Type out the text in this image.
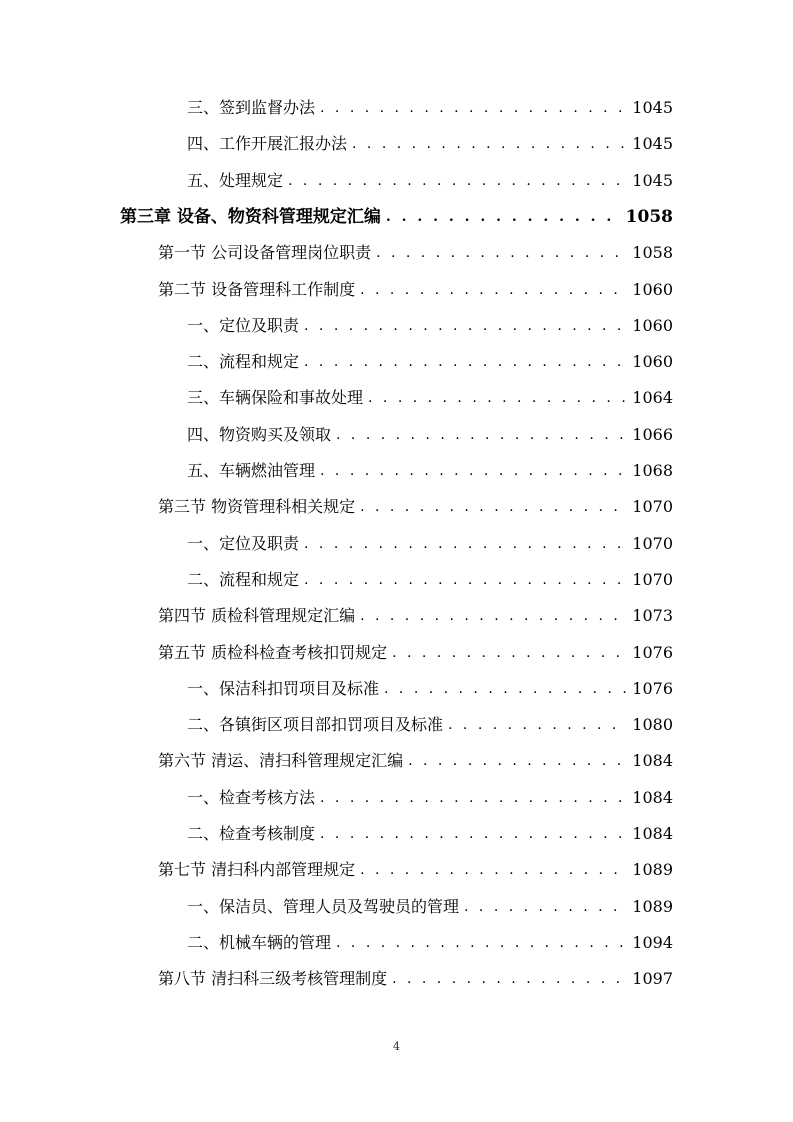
三、签到监督办法 . . .	1045
四、工作开展汇报办法 . . .	1045
五、处理规定 . . .	1045
第三章 设备、物资科管理规定汇编 . . .	1058
第一节 公司设备管理岗位职责 . . .	1058
第二节 设备管理科工作制度 . . .	1060
一、定位及职责 . . .	1060
二、流程和规定 . . .	1060
三、车辆保险和事故处理 . . .	1064
四、物资购买及领取 . . .	1066
五、车辆燃油管理 . . .	1068
第三节 物资管理科相关规定 . . .	1070
一、定位及职责 . . .	1070
二、流程和规定 . . .	1070
第四节 质检科管理规定汇编 . . .	1073
第五节 质检科检查考核扣罚规定 . . .	1076
一、保洁科扣罚项目及标准 . . .	1076
二、各镇街区项目部扣罚项目及标准 . . .	1080
第六节 清运、清扫科管理规定汇编 . . .	1084
一、检查考核方法 . . .	1084
二、检查考核制度 . . .	1084
第七节 清扫科内部管理规定 . . .	1089
一、保洁员、管理人员及驾驶员的管理 . . .	1089
二、机械车辆的管理 . . .	1094
第八节 清扫科三级考核管理制度 . . .	1097
4
